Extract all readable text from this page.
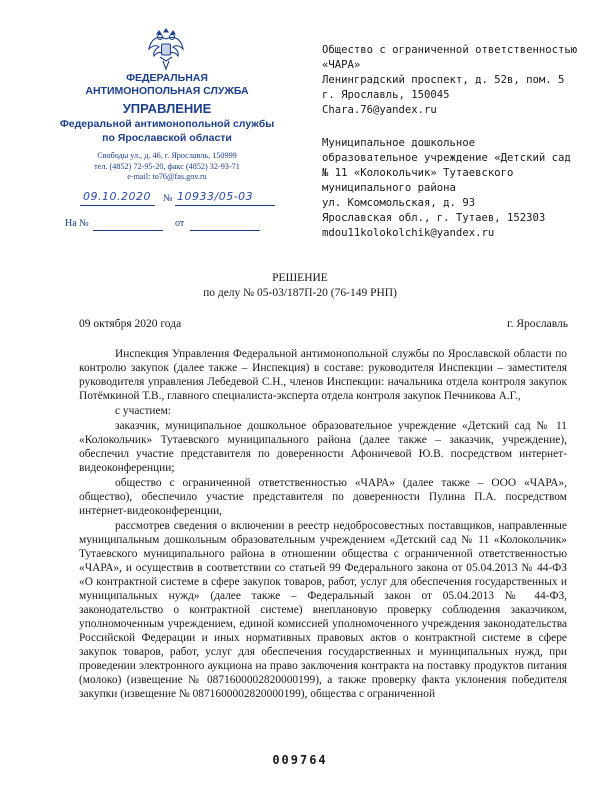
ФЕДЕРАЛЬНАЯ
АНТИМОНОПОЛЬНАЯ СЛУЖБА
УПРАВЛЕНИЕ
Федеральной антимонопольной службы
по Ярославской области
Свободы ул., д. 46, г. Ярославль, 150999
тел. (4852) 72-95-20, факс (4852) 32-93-71
e-mail: to76@fas.gov.ru
09.10.2020 № 10933/05-03
На №	от
Общество с ограниченной ответственностью
«ЧАРА»
Ленинградский проспект, д. 52в, пом. 5
г. Ярославль, 150045
Chara.76@yandex.ru
Муниципальное дошкольное
образовательное учреждение «Детский сад
№ 11 «Колокольчик» Тутаевского
муниципального района
ул. Комсомольская, д. 93
Ярославская обл., г. Тутаев, 152303
mdou11kolokolchik@yandex.ru
РЕШЕНИЕ
по делу № 05-03/187П-20 (76-149 РНП)
09 октября 2020 года	г. Ярославль

Инспекция Управления Федеральной антимонопольной службы по Ярославской области по контролю закупок (далее также – Инспекция) в составе: руководителя Инспекции – заместителя руководителя управления Лебедевой С.Н., членов Инспекции: начальника отдела контроля закупок Потёмкиной Т.В., главного специалиста-эксперта отдела контроля закупок Печникова А.Г.,

с участием:

заказчик, муниципальное дошкольное образовательное учреждение «Детский сад № 11 «Колокольчик» Тутаевского муниципального района (далее также – заказчик, учреждение), обеспечил участие представителя по доверенности Афоничевой Ю.В. посредством интернет-видеоконференции;

общество с ограниченной ответственностью «ЧАРА» (далее также – ООО «ЧАРА», общество), обеспечило участие представителя по доверенности Пулина П.А. посредством интернет-видеоконференции,

рассмотрев сведения о включении в реестр недобросовестных поставщиков, направленные муниципальным дошкольным образовательным учреждением «Детский сад № 11 «Колокольчик» Тутаевского муниципального района в отношении общества с ограниченной ответственностью «ЧАРА», и осуществив в соответствии со статьей 99 Федерального закона от 05.04.2013 № 44-ФЗ «О контрактной системе в сфере закупок товаров, работ, услуг для обеспечения государственных и муниципальных нужд» (далее также – Федеральный закон от 05.04.2013 № 44-ФЗ, законодательство о контрактной системе) внеплановую проверку соблюдения заказчиком, уполномоченным учреждением, единой комиссией уполномоченного учреждения законодательства Российской Федерации и иных нормативных правовых актов о контрактной системе в сфере закупок товаров, работ, услуг для обеспечения государственных и муниципальных нужд, при проведении электронного аукциона на право заключения контракта на поставку продуктов питания (молоко) (извещение № 0871600002820000199), а также проверку факта уклонения победителя закупки (извещение № 0871600002820000199), общества с ограниченной

009764
